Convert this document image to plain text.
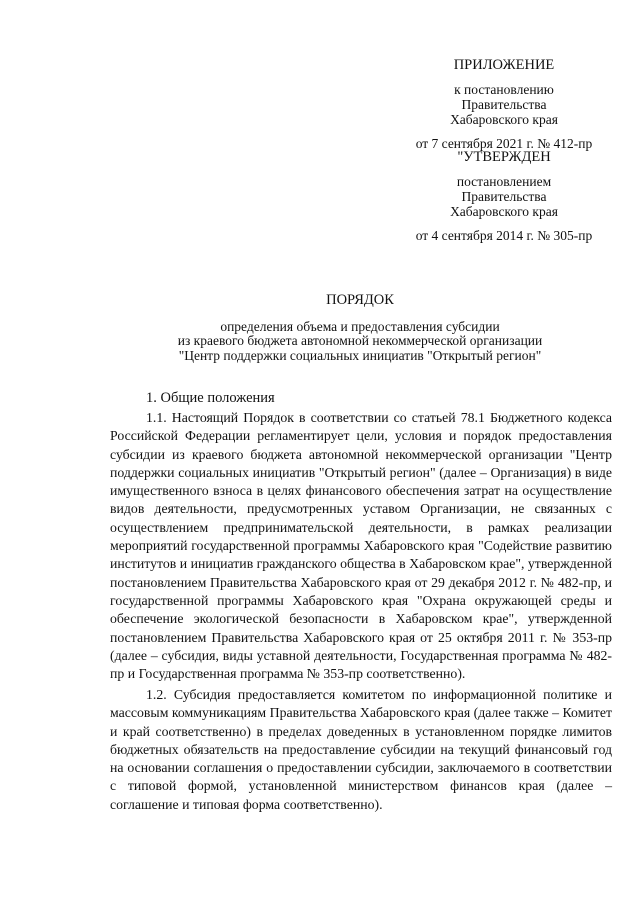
ПРИЛОЖЕНИЕ
к постановлению
Правительства
Хабаровского края
от 7 сентября 2021 г. № 412-пр
"УТВЕРЖДЕН
постановлением
Правительства
Хабаровского края
от 4 сентября 2014 г. № 305-пр
ПОРЯДОК
определения объема и предоставления субсидии
из краевого бюджета автономной некоммерческой организации
"Центр поддержки социальных инициатив "Открытый регион"
1. Общие положения
1.1. Настоящий Порядок в соответствии со статьей 78.1 Бюджетного кодекса Российской Федерации регламентирует цели, условия и порядок предоставления субсидии из краевого бюджета автономной некоммерческой организации "Центр поддержки социальных инициатив "Открытый регион" (далее – Организация) в виде имущественного взноса в целях финансового обеспечения затрат на осуществление видов деятельности, предусмотренных уставом Организации, не связанных с осуществлением предпринимательской деятельности, в рамках реализации мероприятий государственной программы Хабаровского края "Содействие развитию институтов и инициатив гражданского общества в Хабаровском крае", утвержденной постановлением Правительства Хабаровского края от 29 декабря 2012 г. № 482-пр, и государственной программы Хабаровского края "Охрана окружающей среды и обеспечение экологической безопасности в Хабаровском крае", утвержденной постановлением Правительства Хабаровского края от 25 октября 2011 г. № 353-пр (далее – субсидия, виды уставной деятельности, Государственная программа № 482-пр и Государственная программа № 353-пр соответственно).
1.2. Субсидия предоставляется комитетом по информационной политике и массовым коммуникациям Правительства Хабаровского края (далее также – Комитет и край соответственно) в пределах доведенных в установленном порядке лимитов бюджетных обязательств на предоставление субсидии на текущий финансовый год на основании соглашения о предоставлении субсидии, заключаемого в соответствии с типовой формой, установленной министерством финансов края (далее – соглашение и типовая форма соответственно).
